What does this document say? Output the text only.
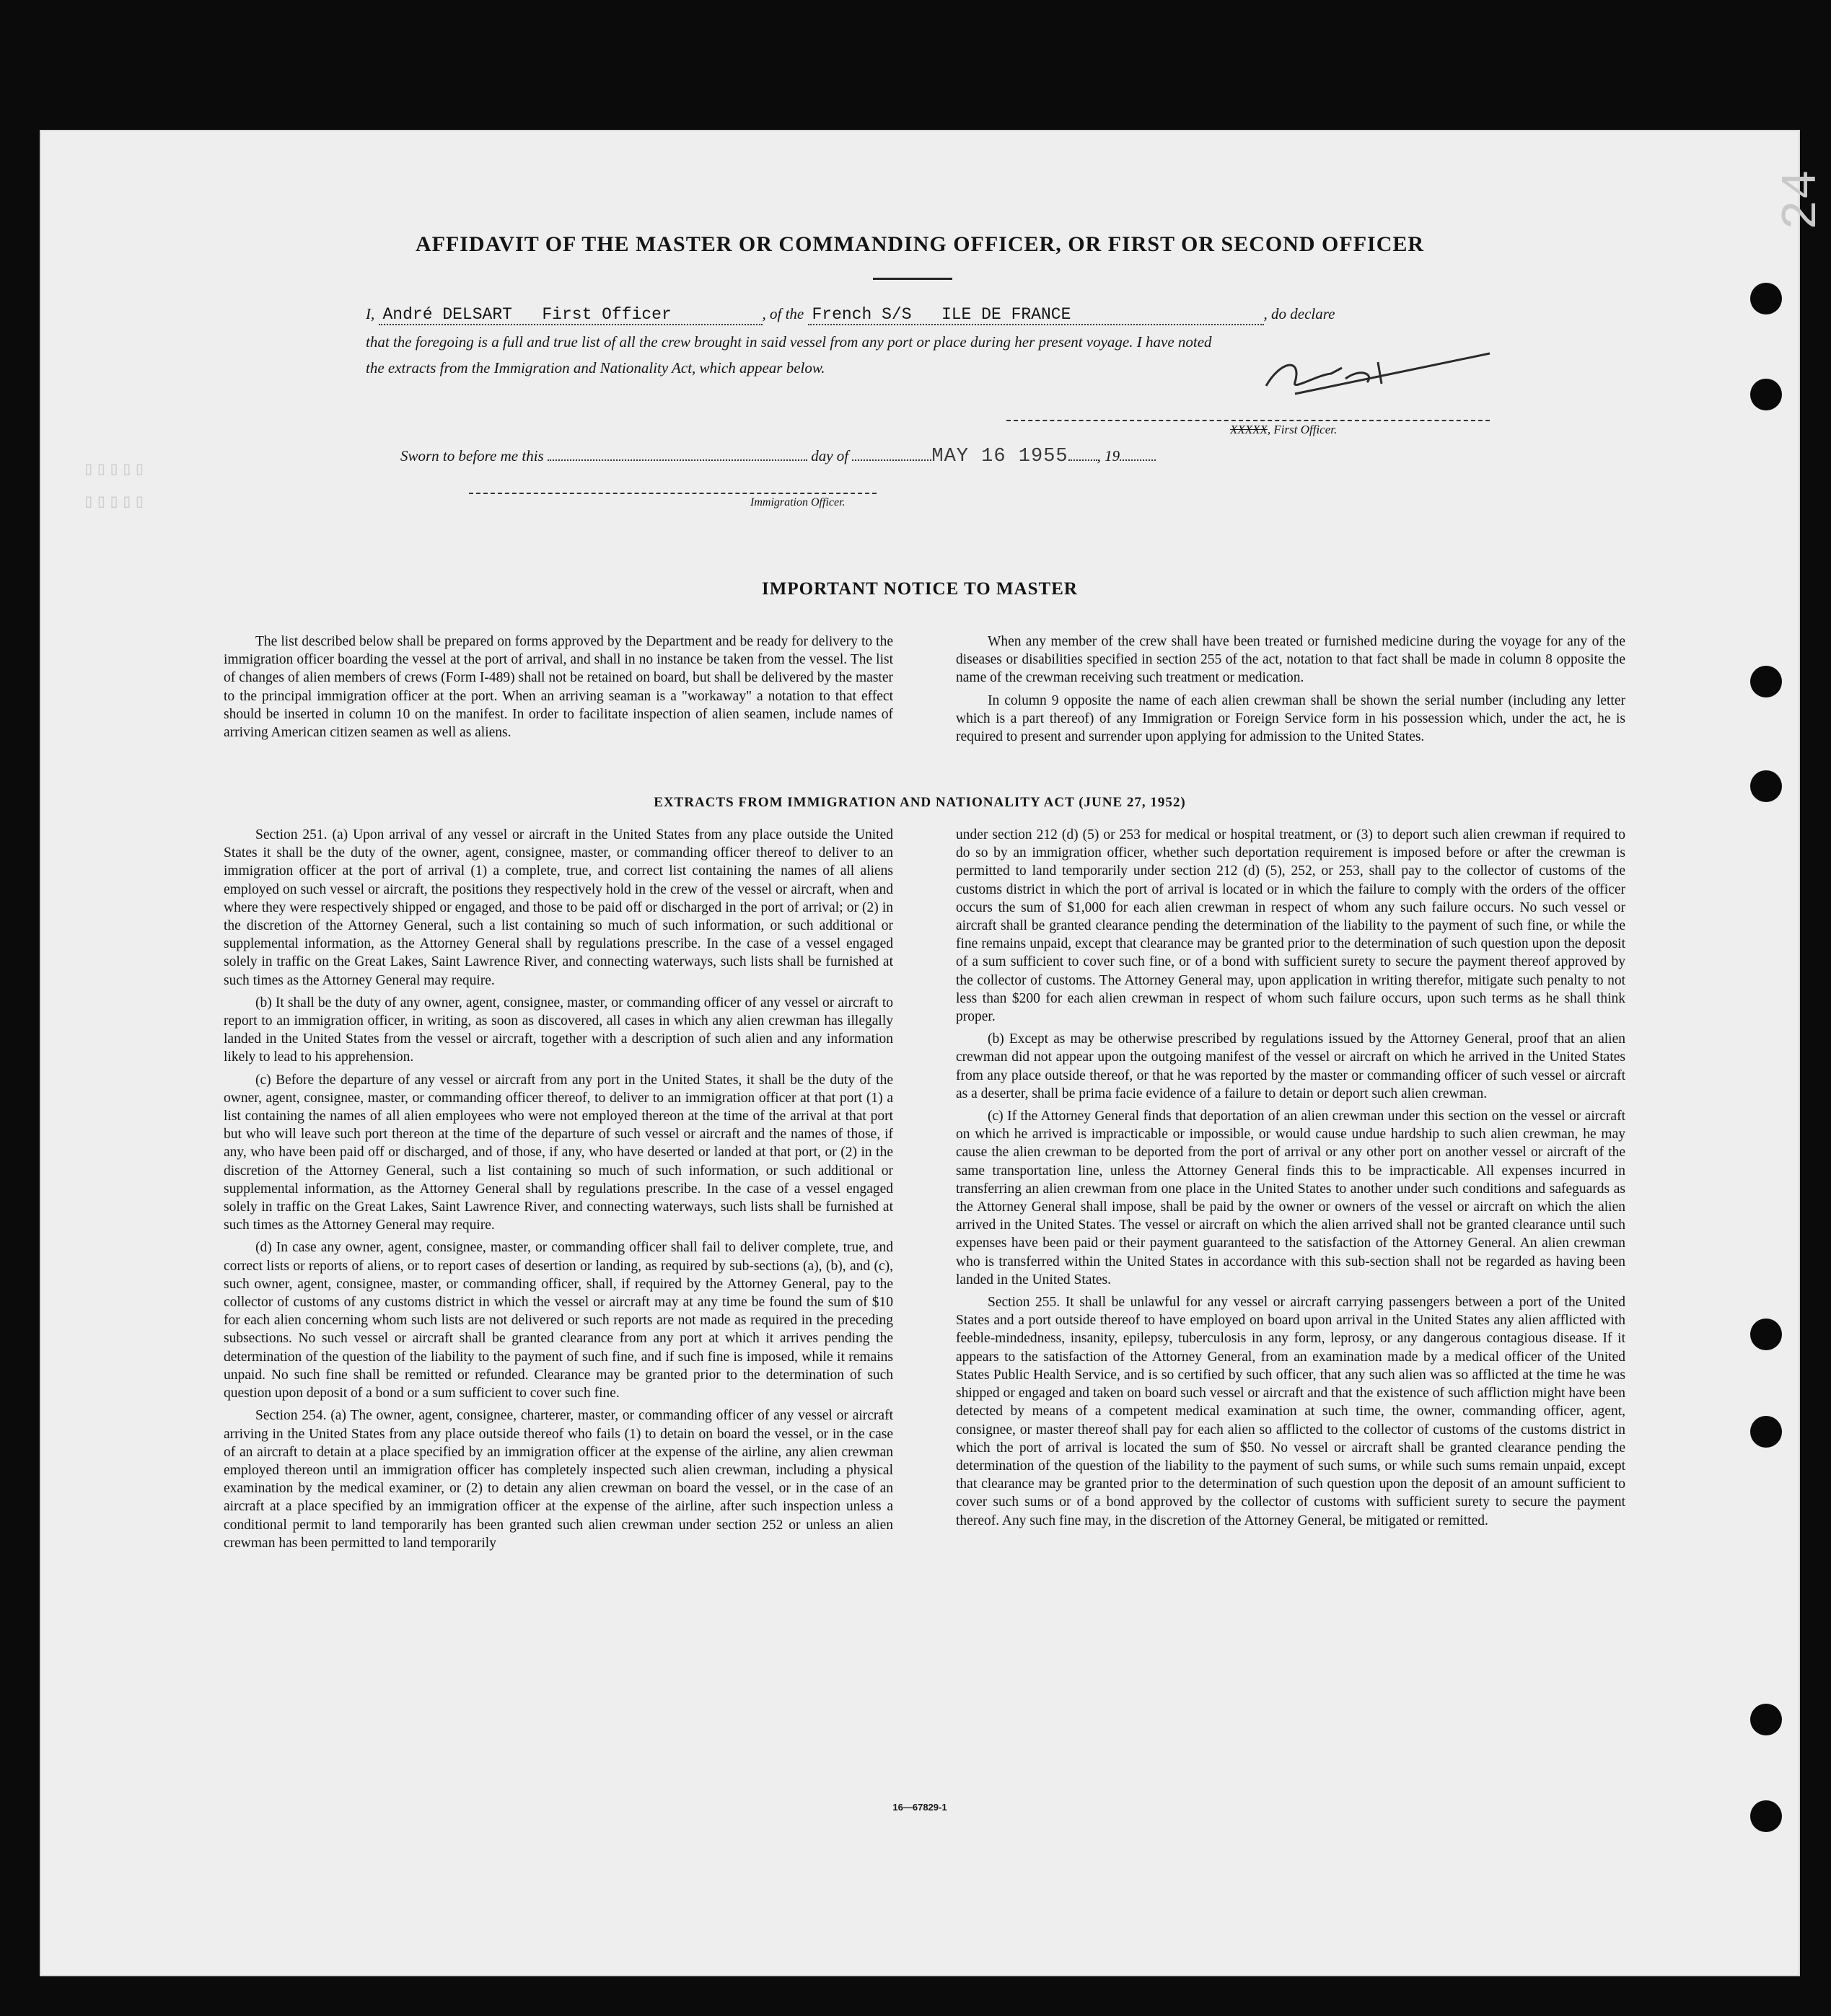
24
▯▯▯▯▯
▯▯▯▯▯
AFFIDAVIT OF THE MASTER OR COMMANDING OFFICER, OR FIRST OR SECOND OFFICER
I, André DELSART First Officer	, of the French S/S ILE DE FRANCE	, do declare
that the foregoing is a full and true list of all the crew brought in said vessel from any port or place during her present voyage. I have noted
the extracts from the Immigration and Nationality Act, which appear below.
XXXXX, First Officer.
Sworn to before me this	day of	MAY 16 1955 , 19
Immigration Officer.
IMPORTANT NOTICE TO MASTER

The list described below shall be prepared on forms approved by the Department and be ready for delivery to the immigration officer boarding the vessel at the port of arrival, and shall in no instance be taken from the vessel. The list of changes of alien members of crews (Form I-489) shall not be retained on board, but shall be delivered by the master to the principal immigration officer at the port. When an arriving seaman is a "workaway" a notation to that effect should be inserted in column 10 on the manifest. In order to facilitate inspection of alien seamen, include names of arriving American citizen seamen as well as aliens.

When any member of the crew shall have been treated or furnished medicine during the voyage for any of the diseases or disabilities specified in section 255 of the act, notation to that fact shall be made in column 8 opposite the name of the crewman receiving such treatment or medication.

In column 9 opposite the name of each alien crewman shall be shown the serial number (including any letter which is a part thereof) of any Immigration or Foreign Service form in his possession which, under the act, he is required to present and surrender upon applying for admission to the United States.

EXTRACTS FROM IMMIGRATION AND NATIONALITY ACT (JUNE 27, 1952)

Section 251. (a) Upon arrival of any vessel or aircraft in the United States from any place outside the United States it shall be the duty of the owner, agent, consignee, master, or commanding officer thereof to deliver to an immigration officer at the port of arrival (1) a complete, true, and correct list containing the names of all aliens employed on such vessel or aircraft, the positions they respectively hold in the crew of the vessel or aircraft, when and where they were respectively shipped or engaged, and those to be paid off or discharged in the port of arrival; or (2) in the discretion of the Attorney General, such a list containing so much of such information, or such additional or supplemental information, as the Attorney General shall by regulations prescribe. In the case of a vessel engaged solely in traffic on the Great Lakes, Saint Lawrence River, and connecting waterways, such lists shall be furnished at such times as the Attorney General may require.

(b) It shall be the duty of any owner, agent, consignee, master, or commanding officer of any vessel or aircraft to report to an immigration officer, in writing, as soon as discovered, all cases in which any alien crewman has illegally landed in the United States from the vessel or aircraft, together with a description of such alien and any information likely to lead to his apprehension.

(c) Before the departure of any vessel or aircraft from any port in the United States, it shall be the duty of the owner, agent, consignee, master, or commanding officer thereof, to deliver to an immigration officer at that port (1) a list containing the names of all alien employees who were not employed thereon at the time of the arrival at that port but who will leave such port thereon at the time of the departure of such vessel or aircraft and the names of those, if any, who have been paid off or discharged, and of those, if any, who have deserted or landed at that port, or (2) in the discretion of the Attorney General, such a list containing so much of such information, or such additional or supplemental information, as the Attorney General shall by regulations prescribe. In the case of a vessel engaged solely in traffic on the Great Lakes, Saint Lawrence River, and connecting waterways, such lists shall be furnished at such times as the Attorney General may require.

(d) In case any owner, agent, consignee, master, or commanding officer shall fail to deliver complete, true, and correct lists or reports of aliens, or to report cases of desertion or landing, as required by sub-sections (a), (b), and (c), such owner, agent, consignee, master, or commanding officer, shall, if required by the Attorney General, pay to the collector of customs of any customs district in which the vessel or aircraft may at any time be found the sum of $10 for each alien concerning whom such lists are not delivered or such reports are not made as required in the preceding subsections. No such vessel or aircraft shall be granted clearance from any port at which it arrives pending the determination of the question of the liability to the payment of such fine, and if such fine is imposed, while it remains unpaid. No such fine shall be remitted or refunded. Clearance may be granted prior to the determination of such question upon deposit of a bond or a sum sufficient to cover such fine.

Section 254. (a) The owner, agent, consignee, charterer, master, or commanding officer of any vessel or aircraft arriving in the United States from any place outside thereof who fails (1) to detain on board the vessel, or in the case of an aircraft to detain at a place specified by an immigration officer at the expense of the airline, any alien crewman employed thereon until an immigration officer has completely inspected such alien crewman, including a physical examination by the medical examiner, or (2) to detain any alien crewman on board the vessel, or in the case of an aircraft at a place specified by an immigration officer at the expense of the airline, after such inspection unless a conditional permit to land temporarily has been granted such alien crewman under section 252 or unless an alien crewman has been permitted to land temporarily

under section 212 (d) (5) or 253 for medical or hospital treatment, or (3) to deport such alien crewman if required to do so by an immigration officer, whether such deportation requirement is imposed before or after the crewman is permitted to land temporarily under section 212 (d) (5), 252, or 253, shall pay to the collector of customs of the customs district in which the port of arrival is located or in which the failure to comply with the orders of the officer occurs the sum of $1,000 for each alien crewman in respect of whom any such failure occurs. No such vessel or aircraft shall be granted clearance pending the determination of the liability to the payment of such fine, or while the fine remains unpaid, except that clearance may be granted prior to the determination of such question upon the deposit of a sum sufficient to cover such fine, or of a bond with sufficient surety to secure the payment thereof approved by the collector of customs. The Attorney General may, upon application in writing therefor, mitigate such penalty to not less than $200 for each alien crewman in respect of whom such failure occurs, upon such terms as he shall think proper.

(b) Except as may be otherwise prescribed by regulations issued by the Attorney General, proof that an alien crewman did not appear upon the outgoing manifest of the vessel or aircraft on which he arrived in the United States from any place outside thereof, or that he was reported by the master or commanding officer of such vessel or aircraft as a deserter, shall be prima facie evidence of a failure to detain or deport such alien crewman.

(c) If the Attorney General finds that deportation of an alien crewman under this section on the vessel or aircraft on which he arrived is impracticable or impossible, or would cause undue hardship to such alien crewman, he may cause the alien crewman to be deported from the port of arrival or any other port on another vessel or aircraft of the same transportation line, unless the Attorney General finds this to be impracticable. All expenses incurred in transferring an alien crewman from one place in the United States to another under such conditions and safeguards as the Attorney General shall impose, shall be paid by the owner or owners of the vessel or aircraft on which the alien arrived in the United States. The vessel or aircraft on which the alien arrived shall not be granted clearance until such expenses have been paid or their payment guaranteed to the satisfaction of the Attorney General. An alien crewman who is transferred within the United States in accordance with this sub-section shall not be regarded as having been landed in the United States.

Section 255. It shall be unlawful for any vessel or aircraft carrying passengers between a port of the United States and a port outside thereof to have employed on board upon arrival in the United States any alien afflicted with feeble-mindedness, insanity, epilepsy, tuberculosis in any form, leprosy, or any dangerous contagious disease. If it appears to the satisfaction of the Attorney General, from an examination made by a medical officer of the United States Public Health Service, and is so certified by such officer, that any such alien was so afflicted at the time he was shipped or engaged and taken on board such vessel or aircraft and that the existence of such affliction might have been detected by means of a competent medical examination at such time, the owner, commanding officer, agent, consignee, or master thereof shall pay for each alien so afflicted to the collector of customs of the customs district in which the port of arrival is located the sum of $50. No vessel or aircraft shall be granted clearance pending the determination of the question of the liability to the payment of such sums, or while such sums remain unpaid, except that clearance may be granted prior to the determination of such question upon the deposit of an amount sufficient to cover such sums or of a bond approved by the collector of customs with sufficient surety to secure the payment thereof. Any such fine may, in the discretion of the Attorney General, be mitigated or remitted.

16—67829-1
